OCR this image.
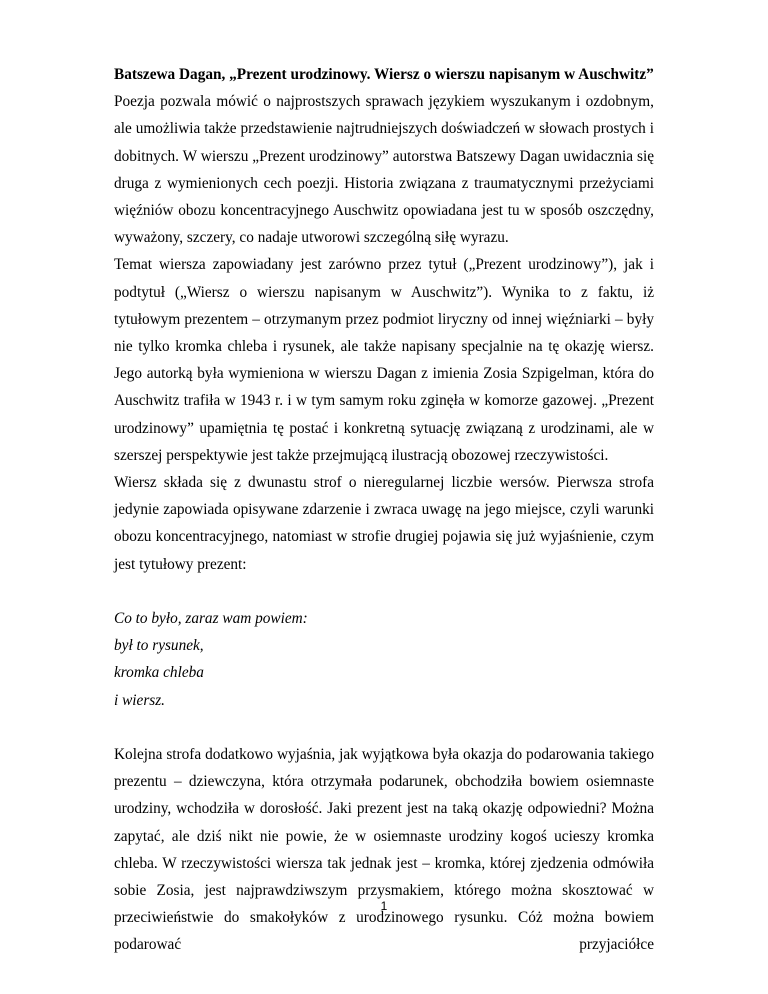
Batszewa Dagan, „Prezent urodzinowy. Wiersz o wierszu napisanym w Auschwitz”

Poezja pozwala mówić o najprostszych sprawach językiem wyszukanym i ozdobnym, ale umożliwia także przedstawienie najtrudniejszych doświadczeń w słowach prostych i dobitnych. W wierszu „Prezent urodzinowy” autorstwa Batszewy Dagan uwidacznia się druga z wymienionych cech poezji. Historia związana z traumatycznymi przeżyciami więźniów obozu koncentracyjnego Auschwitz opowiadana jest tu w sposób oszczędny, wyważony, szczery, co nadaje utworowi szczególną siłę wyrazu.

Temat wiersza zapowiadany jest zarówno przez tytuł („Prezent urodzinowy”), jak i podtytuł („Wiersz o wierszu napisanym w Auschwitz”). Wynika to z faktu, iż tytułowym prezentem – otrzymanym przez podmiot liryczny od innej więźniarki – były nie tylko kromka chleba i rysunek, ale także napisany specjalnie na tę okazję wiersz. Jego autorką była wymieniona w wierszu Dagan z imienia Zosia Szpigelman, która do Auschwitz trafiła w 1943 r. i w tym samym roku zginęła w komorze gazowej. „Prezent urodzinowy” upamiętnia tę postać i konkretną sytuację związaną z urodzinami, ale w szerszej perspektywie jest także przejmującą ilustracją obozowej rzeczywistości.

Wiersz składa się z dwunastu strof o nieregularnej liczbie wersów. Pierwsza strofa jedynie zapowiada opisywane zdarzenie i zwraca uwagę na jego miejsce, czyli warunki obozu koncentracyjnego, natomiast w strofie drugiej pojawia się już wyjaśnienie, czym jest tytułowy prezent:

Co to było, zaraz wam powiem:
był to rysunek,
kromka chleba
i wiersz.

Kolejna strofa dodatkowo wyjaśnia, jak wyjątkowa była okazja do podarowania takiego prezentu – dziewczyna, która otrzymała podarunek, obchodziła bowiem osiemnaste urodziny, wchodziła w dorosłość. Jaki prezent jest na taką okazję odpowiedni? Można zapytać, ale dziś nikt nie powie, że w osiemnaste urodziny kogoś ucieszy kromka chleba. W rzeczywistości wiersza tak jednak jest – kromka, której zjedzenia odmówiła sobie Zosia, jest najprawdziwszym przysmakiem, którego można skosztować w przeciwieństwie do smakołyków z urodzinowego rysunku. Cóż można bowiem podarować przyjaciółce

1
